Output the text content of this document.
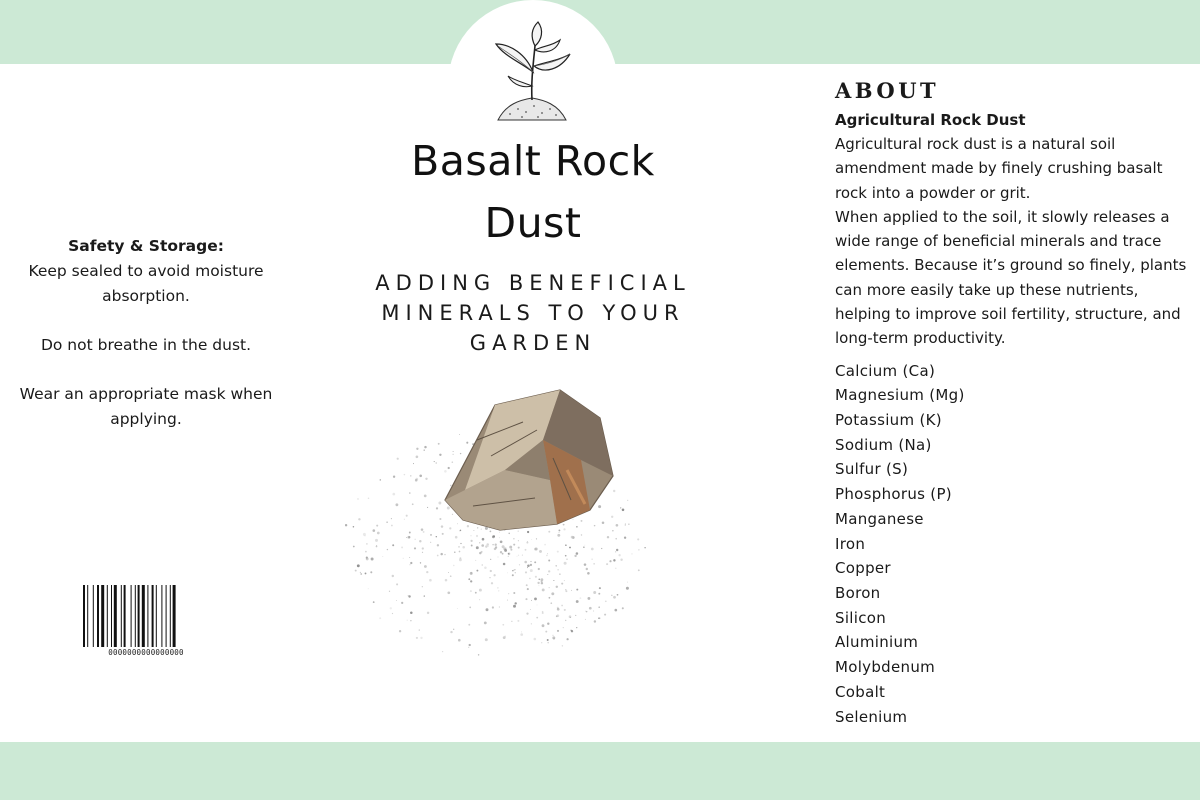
Basalt Rock
Dust
ADDING BENEFICIAL
MINERALS TO YOUR
GARDEN
Safety & Storage:

Keep sealed to avoid moisture absorption.

Do not breathe in the dust.

Wear an appropriate mask when applying.

0000000000000000
ABOUT
Agricultural Rock Dust

Agricultural rock dust is a natural soil amendment made by finely crushing basalt rock into a powder or grit.

When applied to the soil, it slowly releases a wide range of beneficial minerals and trace elements. Because it’s ground so finely, plants can more easily take up these nutrients, helping to improve soil fertility, structure, and long-term productivity.

Calcium (Ca)
Magnesium (Mg)
Potassium (K)
Sodium (Na)
Sulfur (S)
Phosphorus (P)
Manganese
Iron
Copper
Boron
Silicon
Aluminium
Molybdenum
Cobalt
Selenium
